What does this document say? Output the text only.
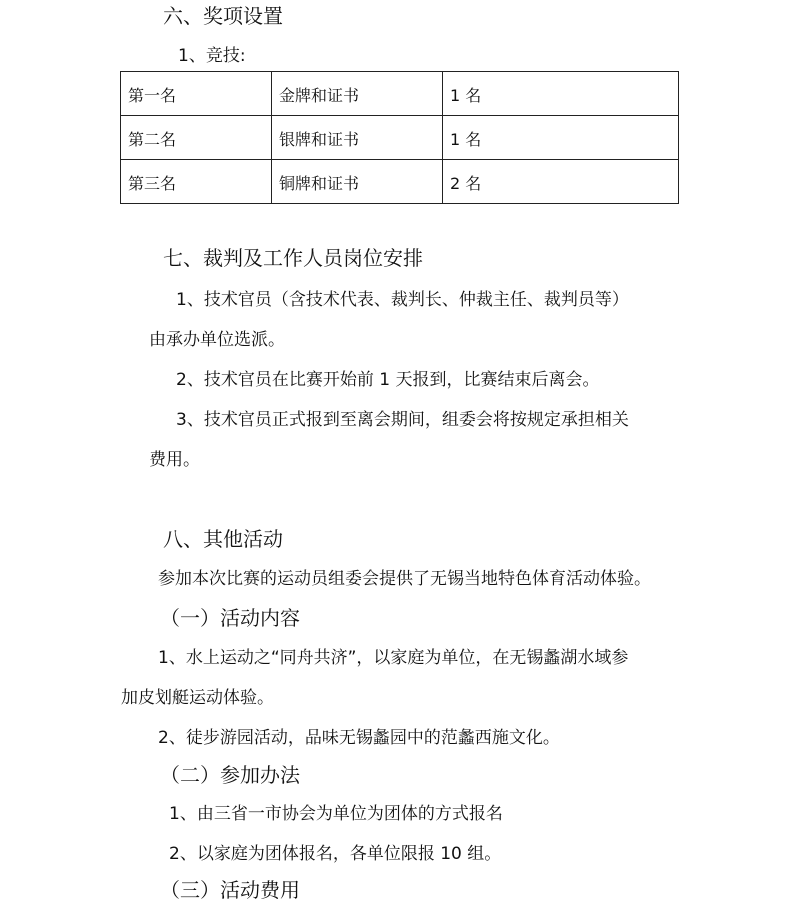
六、奖项设置
1、竞技:
第一名	金牌和证书	1 名
第二名	银牌和证书	1 名
第三名	铜牌和证书	2 名
七、裁判及工作人员岗位安排
1、技术官员（含技术代表、裁判长、仲裁主任、裁判员等）
由承办单位选派。
2、技术官员在比赛开始前 1 天报到，比赛结束后离会。
3、技术官员正式报到至离会期间，组委会将按规定承担相关
费用。
八、其他活动
参加本次比赛的运动员组委会提供了无锡当地特色体育活动体验。
（一）活动内容
1、水上运动之“同舟共济”，以家庭为单位，在无锡蠡湖水域参
加皮划艇运动体验。
2、徒步游园活动，品味无锡蠡园中的范蠡西施文化。
（二）参加办法
1、由三省一市协会为单位为团体的方式报名
2、以家庭为团体报名，各单位限报 10 组。
（三）活动费用
